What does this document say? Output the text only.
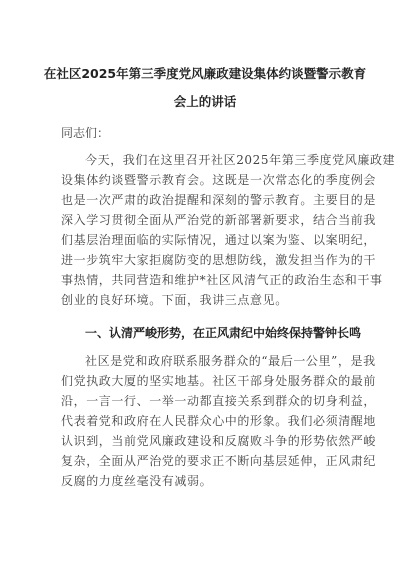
在社区2025年第三季度党风廉政建设集体约谈暨警示教育
会上的讲话
同志们：
今天，我们在这里召开社区2025年第三季度党风廉政建
设集体约谈暨警示教育会。这既是一次常态化的季度例会
也是一次严肃的政治提醒和深刻的警示教育。主要目的是
深入学习贯彻全面从严治党的新部署新要求，结合当前我
们基层治理面临的实际情况，通过以案为鉴、以案明纪，
进一步筑牢大家拒腐防变的思想防线，激发担当作为的干
事热情，共同营造和维护*社区风清气正的政治生态和干事
创业的良好环境。下面，我讲三点意见。
一、认清严峻形势，在正风肃纪中始终保持警钟长鸣
社区是党和政府联系服务群众的“最后一公里”，是我
们党执政大厦的坚实地基。社区干部身处服务群众的最前
沿，一言一行、一举一动都直接关系到群众的切身利益，
代表着党和政府在人民群众心中的形象。我们必须清醒地
认识到，当前党风廉政建设和反腐败斗争的形势依然严峻
复杂，全面从严治党的要求正不断向基层延伸，正风肃纪
反腐的力度丝毫没有减弱。
